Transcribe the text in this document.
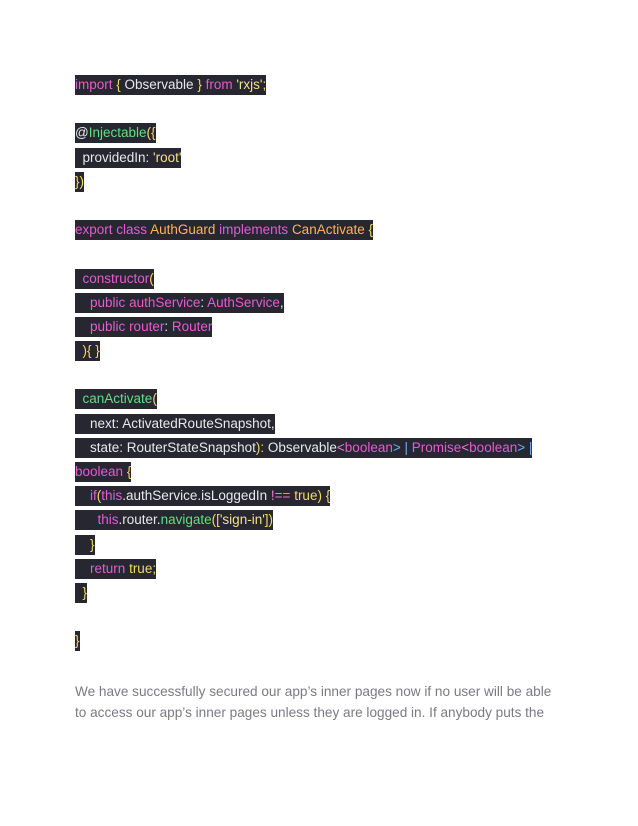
import { Observable } from 'rxjs';
@Injectable({
providedIn: 'root'
})
export class AuthGuard implements CanActivate {
constructor(
public authService: AuthService,
public router: Router
){ }
canActivate(
next: ActivatedRouteSnapshot,
state: RouterStateSnapshot): Observable<boolean> | Promise<boolean> |
boolean {
if(this.authService.isLoggedIn !== true) {
this.router.navigate(['sign-in'])
}
return true;
}
}

We have successfully secured our app’s inner pages now if no user will be able to access our app’s inner pages unless they are logged in. If anybody puts the
